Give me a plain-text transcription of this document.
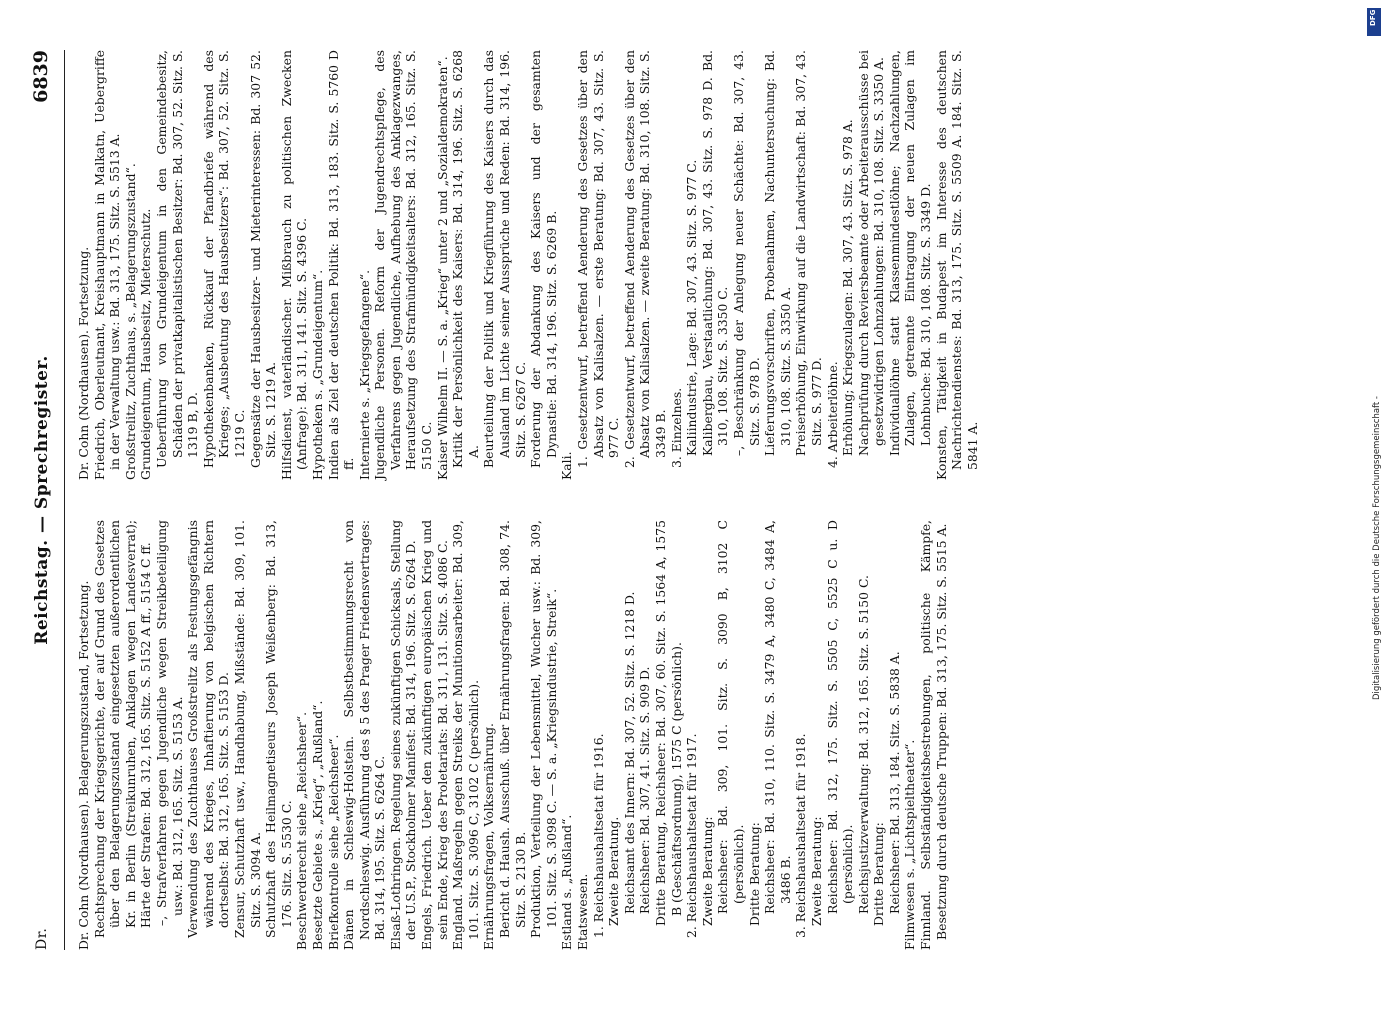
Dr.
Reichstag. — Sprechregister.
6839

Dr. Cohn (Nordhausen). Belagerungszustand, Fortsetzung. Rechtsprechung der Kriegsgerichte, der auf Grund des Gesetzes über den Belagerungszustand eingesetzten außerordentlichen Kr. in Berlin (Streikunruhen, Anklagen wegen Landesverrat); Härte der Strafen: Bd. 312, 165. Sitz. S. 5152 A ff., 5154 C ff. –, Strafverfahren gegen Jugendliche wegen Streikbeteiligung usw.: Bd. 312, 165. Sitz. S. 5153 A. Verwendung des Zuchthauses Großstrelitz als Festungsgefängnis während des Krieges, Inhaftierung von belgischen Richtern dortselbst: Bd. 312, 165. Sitz. S. 5153 D. Zensur, Schutzhaft usw., Handhabung, Mißstände: Bd. 309, 101. Sitz. S. 3094 A. Schutzhaft des Heilmagnetiseurs Joseph Weißenberg: Bd. 313, 176. Sitz. S. 5530 C. Beschwerderecht siehe „Reichsheer“. Besetzte Gebiete s. „Krieg“, „Rußland“. Briefkontrolle siehe „Reichsheer“. Dänen in Schleswig-Holstein. Selbstbestimmungsrecht von Nordschleswig. Ausführung des § 5 des Prager Friedensvertrages: Bd. 314, 195. Sitz. S. 6264 C. Elsaß-Lothringen. Regelung seines zukünftigen Schicksals, Stellung der U.S.P., Stockholmer Manifest: Bd. 314, 196. Sitz. S. 6264 D. Engels, Friedrich. Ueber den zukünftigen europäischen Krieg und sein Ende, Krieg des Proletariats: Bd. 311, 131. Sitz. S. 4086 C. England. Maßregeln gegen Streiks der Munitionsarbeiter: Bd. 309, 101. Sitz. S. 3096 C, 3102 C (persönlich). Ernährungsfragen, Volksernährung. Bericht d. Haush. Ausschuß. über Ernährungsfragen: Bd. 308, 74. Sitz. S. 2130 B. Produktion, Verteilung der Lebensmittel, Wucher usw.: Bd. 309, 101. Sitz. S. 3098 C. — S. a. „Kriegsindustrie, Streik“. Estland s. „Rußland“. Etatswesen. 1. Reichshaushaltsetat für 1916. Zweite Beratung. Reichsamt des Innern: Bd. 307, 52. Sitz. S. 1218 D. Reichsheer: Bd. 307, 41. Sitz. S. 909 D. Dritte Beratung, Reichsheer: Bd. 307, 60. Sitz. S. 1564 A, 1575 B (Geschäftsordnung), 1575 C (persönlich). 2. Reichshaushaltsetat für 1917. Zweite Beratung: Reichsheer: Bd. 309, 101. Sitz. S. 3090 B, 3102 C (persönlich). Dritte Beratung: Reichsheer: Bd. 310, 110. Sitz. S. 3479 A, 3480 C, 3484 A, 3486 B. 3. Reichshaushaltsetat für 1918. Zweite Beratung: Reichsheer: Bd. 312, 175. Sitz. S. 5505 C, 5525 C u. D (persönlich). Reichsjustizverwaltung: Bd. 312, 165. Sitz. S. 5150 C. Dritte Beratung: Reichsheer: Bd. 313, 184. Sitz. S. 5838 A. Filmwesen s. „Lichtspieltheater“. Finnland. Selbständigkeitsbestrebungen, politische Kämpfe, Besetzung durch deutsche Truppen: Bd. 313, 175. Sitz. S. 5515 A.

Dr. Cohn (Nordhausen). Fortsetzung. Friedrich, Oberleutnant, Kreishauptmann in Malkatn, Uebergriffe in der Verwaltung usw.: Bd. 313, 175. Sitz. S. 5513 A. Großstrelitz, Zuchthaus, s. „Belagerungszustand“. Grundeigentum, Hausbesitz, Mieterschutz. Ueberführung von Grundeigentum in den Gemeindebesitz, Schäden der privatkapitalistischen Besitzer: Bd. 307, 52. Sitz. S. 1319 B, D. Hypothekenbanken, Rückkauf der Pfandbriefe während des Krieges; „Ausbeutung des Hausbesitzers“: Bd. 307, 52. Sitz. S. 1219 C. Gegensätze der Hausbesitzer- und Mieterinteressen: Bd. 307 52. Sitz. S. 1219 A. Hilfsdienst, vaterländischer. Mißbrauch zu politischen Zwecken (Anfrage): Bd. 311, 141. Sitz. S. 4396 C. Hypotheken s. „Grundeigentum“. Indien als Ziel der deutschen Politik: Bd. 313, 183. Sitz. S. 5760 D ff. Internierte s. „Kriegsgefangene“. Jugendliche Personen. Reform der Jugendrechtspflege, des Verfahrens gegen Jugendliche, Aufhebung des Anklagezwanges, Heraufsetzung des Strafmündigkeitsalters: Bd. 312, 165. Sitz. S. 5150 C. Kaiser Wilhelm II. — S. a. „Krieg“ unter 2 und „Sozialdemokraten“. Kritik der Persönlichkeit des Kaisers: Bd. 314, 196. Sitz. S. 6268 A. Beurteilung der Politik und Kriegführung des Kaisers durch das Ausland im Lichte seiner Aussprüche und Reden: Bd. 314, 196. Sitz. S. 6267 C. Forderung der Abdankung des Kaisers und der gesamten Dynastie: Bd. 314, 196. Sitz. S. 6269 B.

Kali. 1. Gesetzentwurf, betreffend Aenderung des Gesetzes über den Absatz von Kalisalzen. — erste Beratung: Bd. 307, 43. Sitz. S. 977 C. 2. Gesetzentwurf, betreffend Aenderung des Gesetzes über den Absatz von Kalisalzen. — zweite Beratung: Bd. 310, 108. Sitz. S. 3349 B. 3. Einzelnes. Kaliindustrie, Lage: Bd. 307, 43. Sitz. S. 977 C. Kalibergbau, Verstaatlichung: Bd. 307, 43. Sitz. S. 978 D. Bd. 310, 108. Sitz. S. 3350 C. –, Beschränkung der Anlegung neuer Schächte: Bd. 307, 43. Sitz. S. 978 D. Lieferungsvorschriften, Probenahmen, Nachuntersuchung: Bd. 310, 108. Sitz. S. 3350 A. Preiserhöhung, Einwirkung auf die Landwirtschaft: Bd. 307, 43. Sitz. S. 977 D. 4. Arbeiterlöhne. Erhöhung; Kriegszulagen: Bd. 307, 43. Sitz. S. 978 A. Nachprüfung durch Reviersbeamte oder Arbeiterausschüsse bei gesetzwidrigen Lohnzahlungen: Bd. 310, 108. Sitz. S. 3350 A. Individuallöhne statt Klassenmindestlöhne; Nachzahlungen, Zulagen, getrennte Eintragung der neuen Zulagen im Lohnbuche: Bd. 310, 108. Sitz. S. 3349 D. Konsten, Tätigkeit in Budapest im Interesse des deutschen Nachrichtendienstes: Bd. 313, 175. Sitz. S. 5509 A. 184. Sitz. S. 5841 A.

DFG
Digitalisierung gefördert durch die Deutsche Forschungsgemeinschaft -
